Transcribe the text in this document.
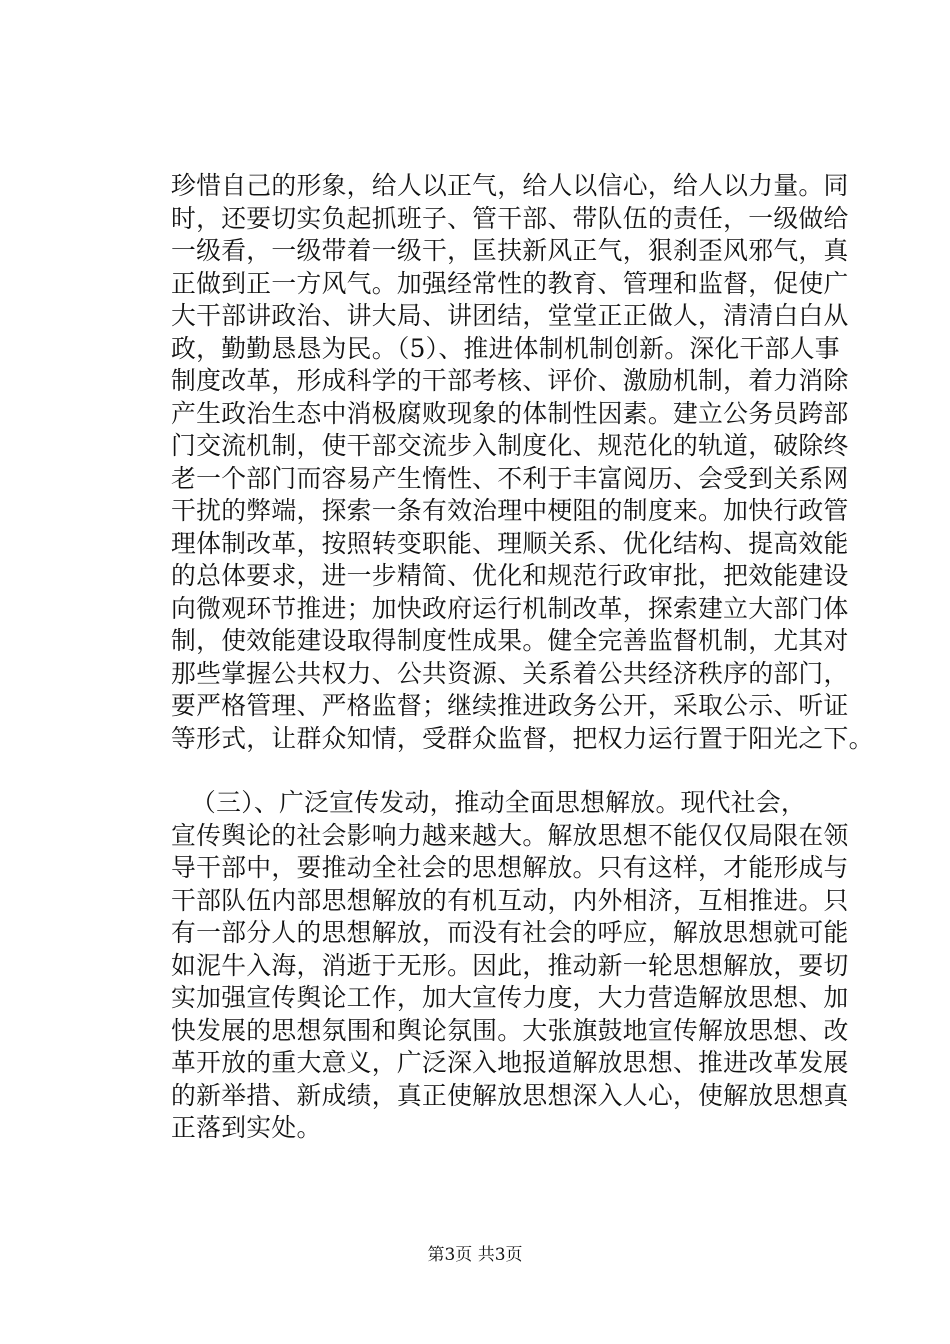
珍惜自己的形象，给人以正气，给人以信心，给人以力量。同
时，还要切实负起抓班子、管干部、带队伍的责任，一级做给
一级看，一级带着一级干，匡扶新风正气，狠刹歪风邪气，真
正做到正一方风气。加强经常性的教育、管理和监督，促使广
大干部讲政治、讲大局、讲团结，堂堂正正做人，清清白白从
政，勤勤恳恳为民。（5）、推进体制机制创新。深化干部人事
制度改革，形成科学的干部考核、评价、激励机制，着力消除
产生政治生态中消极腐败现象的体制性因素。建立公务员跨部
门交流机制，使干部交流步入制度化、规范化的轨道，破除终
老一个部门而容易产生惰性、不利于丰富阅历、会受到关系网
干扰的弊端，探索一条有效治理中梗阻的制度来。加快行政管
理体制改革，按照转变职能、理顺关系、优化结构、提高效能
的总体要求，进一步精简、优化和规范行政审批，把效能建设
向微观环节推进；加快政府运行机制改革，探索建立大部门体
制，使效能建设取得制度性成果。健全完善监督机制，尤其对
那些掌握公共权力、公共资源、关系着公共经济秩序的部门，
要严格管理、严格监督；继续推进政务公开，采取公示、听证
等形式，让群众知情，受群众监督，把权力运行置于阳光之下。
（三）、广泛宣传发动，推动全面思想解放。现代社会，
宣传舆论的社会影响力越来越大。解放思想不能仅仅局限在领
导干部中，要推动全社会的思想解放。只有这样，才能形成与
干部队伍内部思想解放的有机互动，内外相济，互相推进。只
有一部分人的思想解放，而没有社会的呼应，解放思想就可能
如泥牛入海，消逝于无形。因此，推动新一轮思想解放，要切
实加强宣传舆论工作，加大宣传力度，大力营造解放思想、加
快发展的思想氛围和舆论氛围。大张旗鼓地宣传解放思想、改
革开放的重大意义，广泛深入地报道解放思想、推进改革发展
的新举措、新成绩，真正使解放思想深入人心，使解放思想真
正落到实处。
第3页 共3页
